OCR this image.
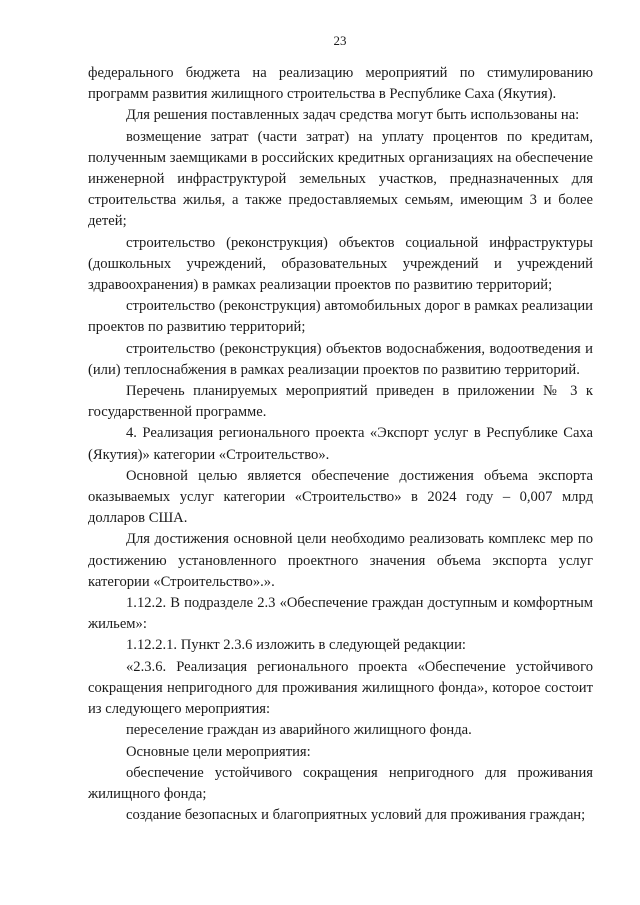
23

федерального бюджета на реализацию мероприятий по стимулированию программ развития жилищного строительства в Республике Саха (Якутия).

Для решения поставленных задач средства могут быть использованы на:

возмещение затрат (части затрат) на уплату процентов по кредитам, полученным заемщиками в российских кредитных организациях на обеспечение инженерной инфраструктурой земельных участков, предназначенных для строительства жилья, а также предоставляемых семьям, имеющим 3 и более детей;

строительство (реконструкция) объектов социальной инфраструктуры (дошкольных учреждений, образовательных учреждений и учреждений здравоохранения) в рамках реализации проектов по развитию территорий;

строительство (реконструкция) автомобильных дорог в рамках реализации проектов по развитию территорий;

строительство (реконструкция) объектов водоснабжения, водоотведения и (или) теплоснабжения в рамках реализации проектов по развитию территорий.

Перечень планируемых мероприятий приведен в приложении № 3 к государственной программе.

4. Реализация регионального проекта «Экспорт услуг в Республике Саха (Якутия)» категории «Строительство».

Основной целью является обеспечение достижения объема экспорта оказываемых услуг категории «Строительство» в 2024 году – 0,007 млрд долларов США.

Для достижения основной цели необходимо реализовать комплекс мер по достижению установленного проектного значения объема экспорта услуг категории «Строительство».».

1.12.2. В подразделе 2.3 «Обеспечение граждан доступным и комфортным жильем»:

1.12.2.1. Пункт 2.3.6 изложить в следующей редакции:

«2.3.6. Реализация регионального проекта «Обеспечение устойчивого сокращения непригодного для проживания жилищного фонда», которое состоит из следующего мероприятия:

переселение граждан из аварийного жилищного фонда.

Основные цели мероприятия:

обеспечение устойчивого сокращения непригодного для проживания жилищного фонда;

создание безопасных и благоприятных условий для проживания граждан;
